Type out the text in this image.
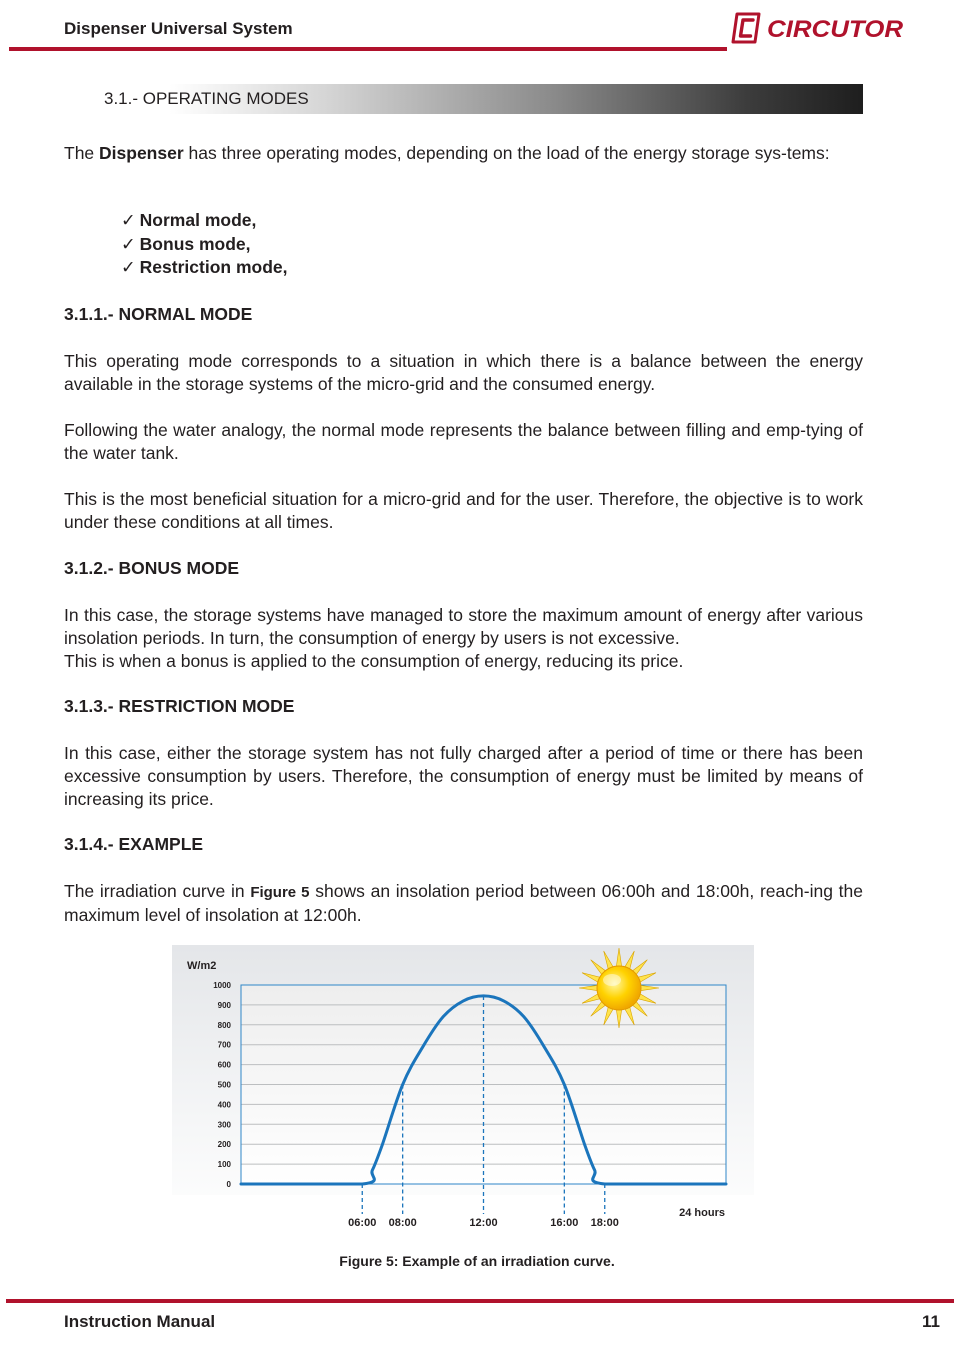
Dispenser Universal System	CIRCUTOR
3.1.- OPERATING MODES

The Dispenser has three operating modes, depending on the load of the energy storage sys-tems:

✓ Normal mode,
✓ Bonus mode,
✓ Restriction mode,

3.1.1.- NORMAL MODE

This operating mode corresponds to a situation in which there is a balance between the energy available in the storage systems of the micro-grid and the consumed energy.

Following the water analogy, the normal mode represents the balance between filling and emp-tying of the water tank.

This is the most beneficial situation for a micro-grid and for the user. Therefore, the objective is to work under these conditions at all times.

3.1.2.- BONUS MODE

In this case, the storage systems have managed to store the maximum amount of energy after various insolation periods. In turn, the consumption of energy by users is not excessive.

This is when a bonus is applied to the consumption of energy, reducing its price.

3.1.3.- RESTRICTION MODE

In this case, either the storage system has not fully charged after a period of time or there has been excessive consumption by users. Therefore, the consumption of energy must be limited by means of increasing its price.

3.1.4.- EXAMPLE

The irradiation curve in Figure 5 shows an insolation period between 06:00h and 18:00h, reach-ing the maximum level of insolation at 12:00h.

0
100
200
300
400
500
600
700
800
900
1000
W/m2
06:00 08:00	12:00	16:00 18:00
24 hours
Figure 5: Example of an irradiation curve.
Instruction Manual	11
